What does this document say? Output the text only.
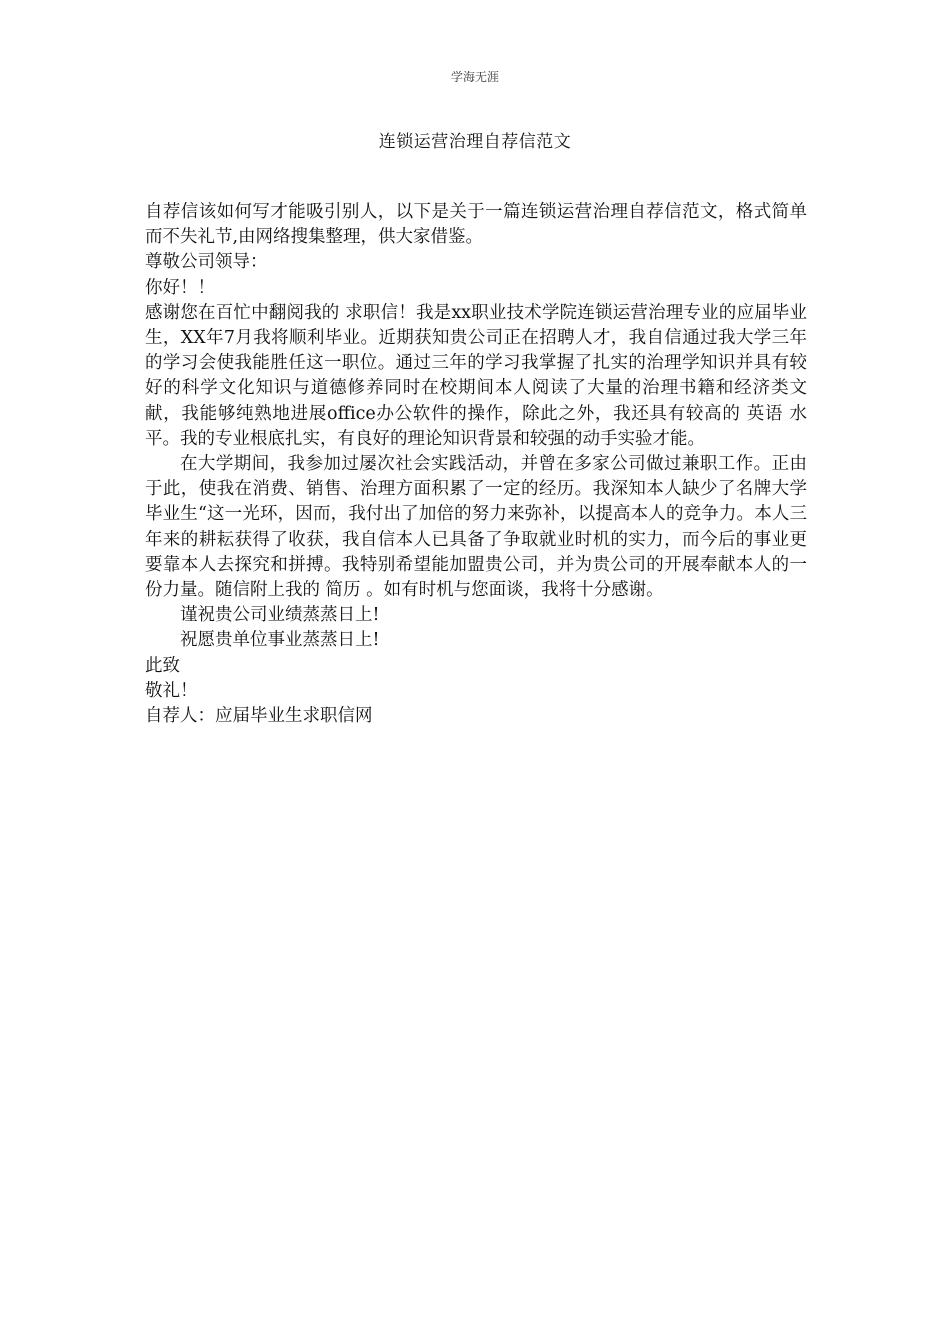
学海无涯
连锁运营治理自荐信范文

自荐信该如何写才能吸引别人，以下是关于一篇连锁运营治理自荐信范文，格式简单而不失礼节,由网络搜集整理，供大家借鉴。

尊敬公司领导：

你好！！

感谢您在百忙中翻阅我的 求职信！我是xx职业技术学院连锁运营治理专业的应届毕业生，XX年7月我将顺利毕业。近期获知贵公司正在招聘人才，我自信通过我大学三年的学习会使我能胜任这一职位。通过三年的学习我掌握了扎实的治理学知识并具有较好的科学文化知识与道德修养同时在校期间本人阅读了大量的治理书籍和经济类文献，我能够纯熟地进展office办公软件的操作，除此之外，我还具有较高的 英语 水平。我的专业根底扎实，有良好的理论知识背景和较强的动手实验才能。

在大学期间，我参加过屡次社会实践活动，并曾在多家公司做过兼职工作。正由于此，使我在消费、销售、治理方面积累了一定的经历。我深知本人缺少了名牌大学毕业生“这一光环，因而，我付出了加倍的努力来弥补，以提高本人的竞争力。本人三年来的耕耘获得了收获，我自信本人已具备了争取就业时机的实力，而今后的事业更要靠本人去探究和拼搏。我特别希望能加盟贵公司，并为贵公司的开展奉献本人的一份力量。随信附上我的 简历 。如有时机与您面谈，我将十分感谢。

谨祝贵公司业绩蒸蒸日上!

祝愿贵单位事业蒸蒸日上!

此致

敬礼！

自荐人：应届毕业生求职信网
